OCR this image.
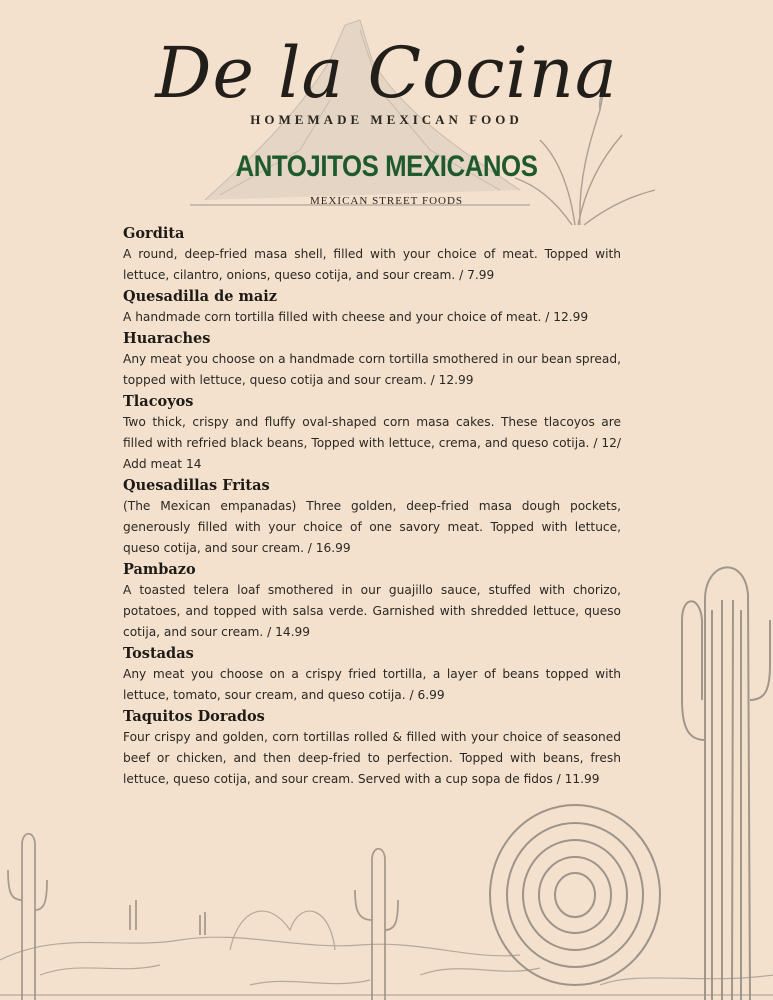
De la Cocina
HOMEMADE MEXICAN FOOD
ANTOJITOS MEXICANOS
MEXICAN STREET FOODS

Gordita

A round, deep-fried masa shell, filled with your choice of meat. Topped with lettuce, cilantro, onions, queso cotija, and sour cream. / 7.99

Quesadilla de maiz

A handmade corn tortilla filled with cheese and your choice of meat. / 12.99

Huaraches

Any meat you choose on a handmade corn tortilla smothered in our bean spread, topped with lettuce, queso cotija and sour cream. / 12.99

Tlacoyos

Two thick, crispy and fluffy oval-shaped corn masa cakes. These tlacoyos are filled with refried black beans, Topped with lettuce, crema, and queso cotija. / 12/ Add meat 14

Quesadillas Fritas

(The Mexican empanadas) Three golden, deep-fried masa dough pockets, generously filled with your choice of one savory meat. Topped with lettuce, queso cotija, and sour cream. / 16.99

Pambazo

A toasted telera loaf smothered in our guajillo sauce, stuffed with chorizo, potatoes, and topped with salsa verde. Garnished with shredded lettuce, queso cotija, and sour cream. / 14.99

Tostadas

Any meat you choose on a crispy fried tortilla, a layer of beans topped with lettuce, tomato, sour cream, and queso cotija. / 6.99

Taquitos Dorados

Four crispy and golden, corn tortillas rolled & filled with your choice of seasoned beef or chicken, and then deep-fried to perfection. Topped with beans, fresh lettuce, queso cotija, and sour cream. Served with a cup sopa de fidos / 11.99
